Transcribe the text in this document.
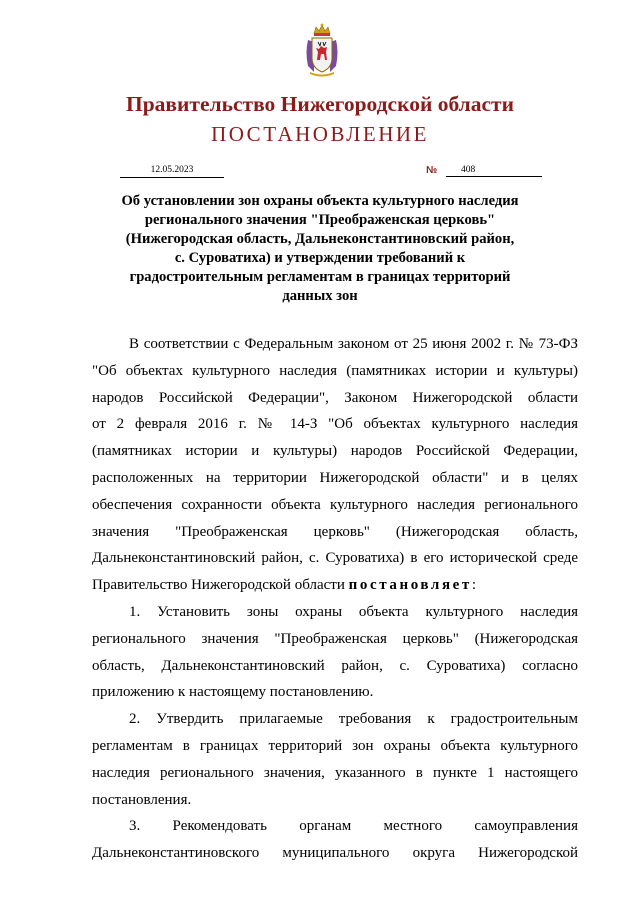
Правительство Нижегородской области
ПОСТАНОВЛЕНИЕ
12.05.2023	№	408
Об установлении зон охраны объекта культурного наследия
регионального значения "Преображенская церковь"
(Нижегородская область, Дальнеконстантиновский район,
с. Суроватиха) и утверждении требований к
градостроительным регламентам в границах территорий
данных зон
В соответствии с Федеральным законом от 25 июня 2002 г. № 73-ФЗ
"Об объектах культурного наследия (памятниках истории и культуры)
народов Российской Федерации", Законом Нижегородской области
от 2 февраля 2016 г. № 14-З "Об объектах культурного наследия
(памятниках истории и культуры) народов Российской Федерации,
расположенных на территории Нижегородской области" и в целях
обеспечения сохранности объекта культурного наследия регионального
значения "Преображенская церковь" (Нижегородская область,
Дальнеконстантиновский район, с. Суроватиха) в его исторической среде
Правительство Нижегородской области постановляет:
1. Установить зоны охраны объекта культурного наследия
регионального значения "Преображенская церковь" (Нижегородская
область, Дальнеконстантиновский район, с. Суроватиха) согласно
приложению к настоящему постановлению.
2. Утвердить прилагаемые требования к градостроительным
регламентам в границах территорий зон охраны объекта культурного
наследия регионального значения, указанного в пункте 1 настоящего
постановления.
3. Рекомендовать органам местного самоуправления
Дальнеконстантиновского муниципального округа Нижегородской
